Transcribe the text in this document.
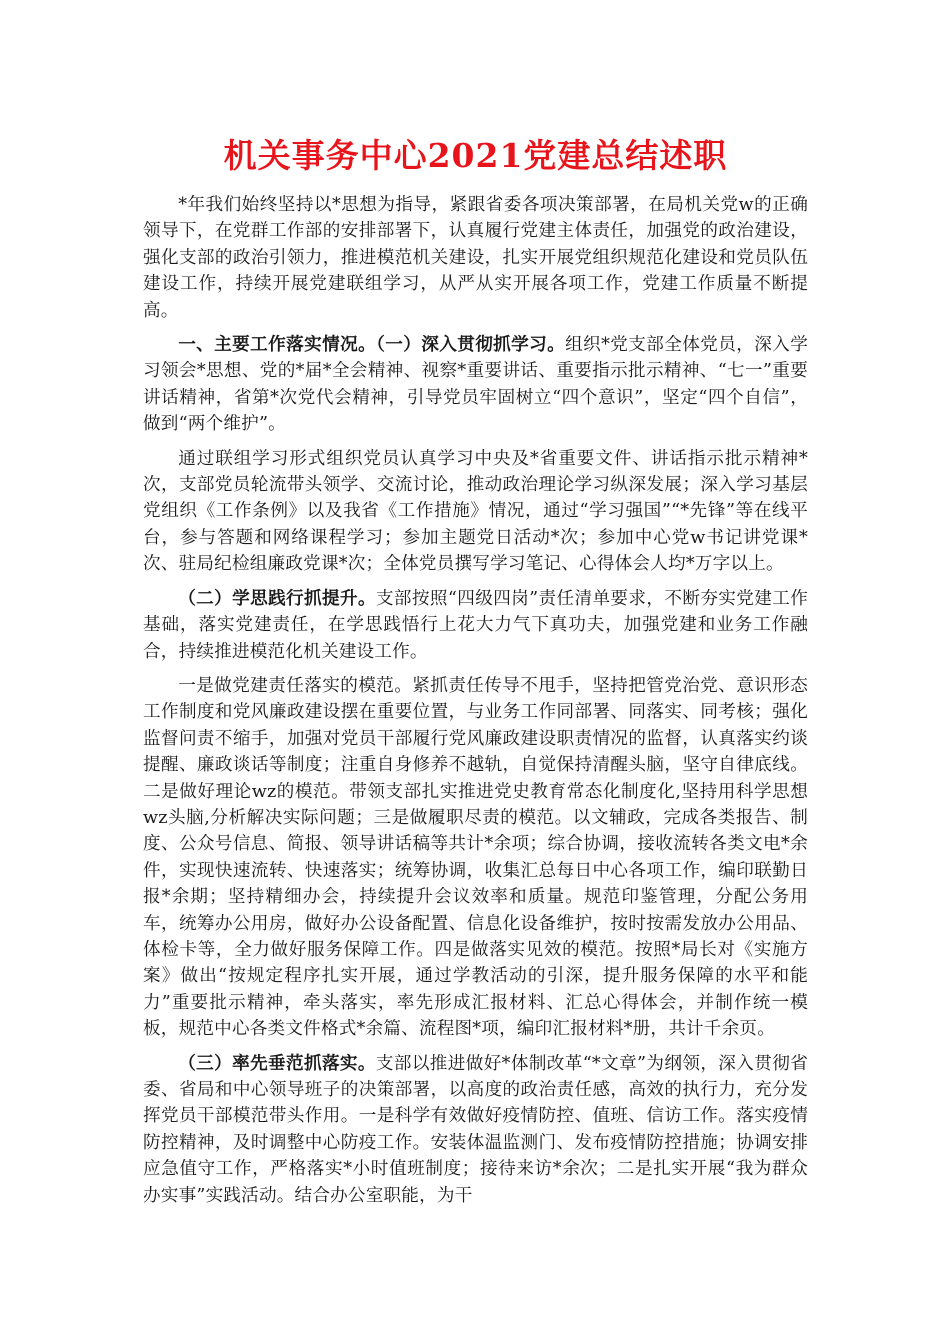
机关事务中心2021党建总结述职

*年我们始终坚持以*思想为指导，紧跟省委各项决策部署，在局机关党w的正确领导下，在党群工作部的安排部署下，认真履行党建主体责任，加强党的政治建设，强化支部的政治引领力，推进模范机关建设，扎实开展党组织规范化建设和党员队伍建设工作，持续开展党建联组学习，从严从实开展各项工作，党建工作质量不断提高。

一、主要工作落实情况。（一）深入贯彻抓学习。组织*党支部全体党员，深入学习领会*思想、党的*届*全会精神、视察*重要讲话、重要指示批示精神、“七一”重要讲话精神，省第*次党代会精神，引导党员牢固树立“四个意识”，坚定“四个自信”，做到“两个维护”。

通过联组学习形式组织党员认真学习中央及*省重要文件、讲话指示批示精神*次，支部党员轮流带头领学、交流讨论，推动政治理论学习纵深发展；深入学习基层党组织《工作条例》以及我省《工作措施》情况，通过“学习强国”“*先锋”等在线平台，参与答题和网络课程学习；参加主题党日活动*次；参加中心党w书记讲党课*次、驻局纪检组廉政党课*次；全体党员撰写学习笔记、心得体会人均*万字以上。

（二）学思践行抓提升。支部按照“四级四岗”责任清单要求，不断夯实党建工作基础，落实党建责任，在学思践悟行上花大力气下真功夫，加强党建和业务工作融合，持续推进模范化机关建设工作。

一是做党建责任落实的模范。紧抓责任传导不甩手，坚持把管党治党、意识形态工作制度和党风廉政建设摆在重要位置，与业务工作同部署、同落实、同考核；强化监督问责不缩手，加强对党员干部履行党风廉政建设职责情况的监督，认真落实约谈提醒、廉政谈话等制度；注重自身修养不越轨，自觉保持清醒头脑，坚守自律底线。二是做好理论wz的模范。带领支部扎实推进党史教育常态化制度化,坚持用科学思想wz头脑,分析解决实际问题；三是做履职尽责的模范。以文辅政，完成各类报告、制度、公众号信息、简报、领导讲话稿等共计*余项；综合协调，接收流转各类文电*余件，实现快速流转、快速落实；统筹协调，收集汇总每日中心各项工作，编印联勤日报*余期；坚持精细办会，持续提升会议效率和质量。规范印鉴管理，分配公务用车，统筹办公用房，做好办公设备配置、信息化设备维护，按时按需发放办公用品、体检卡等，全力做好服务保障工作。四是做落实见效的模范。按照*局长对《实施方案》做出“按规定程序扎实开展，通过学教活动的引深，提升服务保障的水平和能力”重要批示精神，牵头落实，率先形成汇报材料、汇总心得体会，并制作统一模板，规范中心各类文件格式*余篇、流程图*项，编印汇报材料*册，共计千余页。

（三）率先垂范抓落实。支部以推进做好*体制改革“*文章”为纲领，深入贯彻省委、省局和中心领导班子的决策部署，以高度的政治责任感，高效的执行力，充分发挥党员干部模范带头作用。一是科学有效做好疫情防控、值班、信访工作。落实疫情防控精神，及时调整中心防疫工作。安装体温监测门、发布疫情防控措施；协调安排应急值守工作，严格落实*小时值班制度；接待来访*余次；二是扎实开展“我为群众办实事”实践活动。结合办公室职能，为干
